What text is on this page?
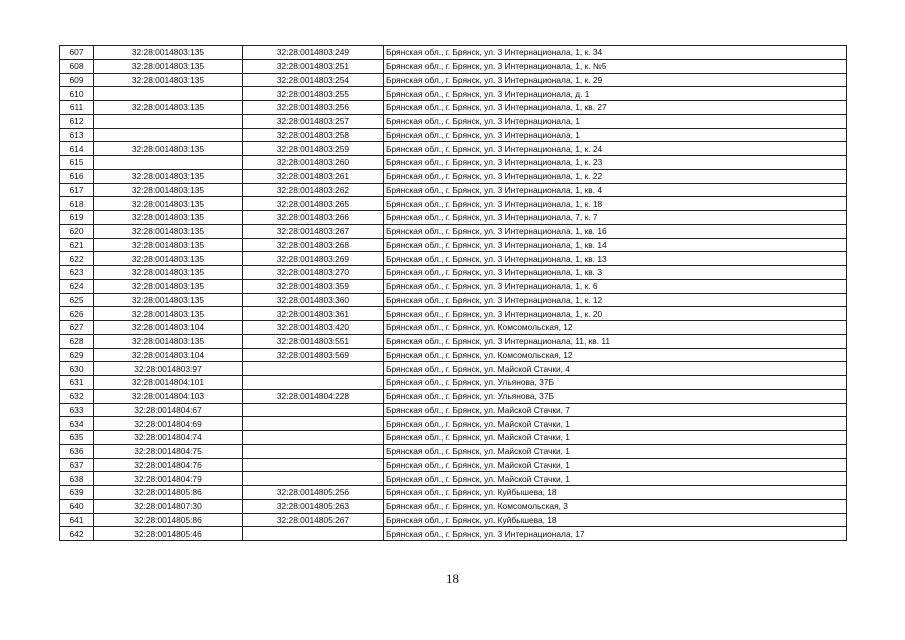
607	32:28:0014803:135	32:28:0014803:249	Брянская обл., г. Брянск, ул. 3 Интернационала, 1, к. 34
608	32:28:0014803:135	32:28:0014803:251	Брянская обл., г. Брянск, ул. 3 Интернационала, 1, к. №5
609	32:28:0014803:135	32:28:0014803:254	Брянская обл., г. Брянск, ул. 3 Интернационала, 1, к. 29
610		32:28:0014803:255	Брянская обл., г. Брянск, ул. 3 Интернационала, д. 1
611	32:28:0014803:135	32:28:0014803:256	Брянская обл., г. Брянск, ул. 3 Интернационала, 1, кв. 27
612		32:28:0014803:257	Брянская обл., г. Брянск, ул. 3 Интернационала, 1
613		32:28:0014803:258	Брянская обл., г. Брянск, ул. 3 Интернационала, 1
614	32:28:0014803:135	32:28:0014803:259	Брянская обл., г. Брянск, ул. 3 Интернационала, 1, к. 24
615		32:28:0014803:260	Брянская обл., г. Брянск, ул. 3 Интернационала, 1, к. 23
616	32:28:0014803:135	32:28:0014803:261	Брянская обл., г. Брянск, ул. 3 Интернационала, 1, к. 22
617	32:28:0014803:135	32:28:0014803:262	Брянская обл., г. Брянск, ул. 3 Интернационала, 1, кв. 4
618	32:28:0014803:135	32:28:0014803:265	Брянская обл., г. Брянск, ул. 3 Интернационала, 1, к. 18
619	32:28:0014803:135	32:28:0014803:266	Брянская обл., г. Брянск, ул. 3 Интернационала, 7, к. 7
620	32:28:0014803:135	32:28:0014803:267	Брянская обл., г. Брянск, ул. 3 Интернационала, 1, кв. 16
621	32:28:0014803:135	32:28:0014803:268	Брянская обл., г. Брянск, ул. 3 Интернационала, 1, кв. 14
622	32:28:0014803:135	32:28:0014803:269	Брянская обл., г. Брянск, ул. 3 Интернационала, 1, кв. 13
623	32:28:0014803:135	32:28:0014803:270	Брянская обл., г. Брянск, ул. 3 Интернационала, 1, кв. 3
624	32:28:0014803:135	32:28:0014803:359	Брянская обл., г. Брянск, ул. 3 Интернационала, 1, к. 6
625	32:28:0014803:135	32:28:0014803:360	Брянская обл., г. Брянск, ул. 3 Интернационала, 1, к. 12
626	32:28:0014803:135	32:28:0014803:361	Брянская обл., г. Брянск, ул. 3 Интернационала, 1, к. 20
627	32:28:0014803:104	32:28:0014803:420	Брянская обл., г. Брянск, ул. Комсомольская, 12
628	32:28:0014803:135	32:28:0014803:551	Брянская обл., г. Брянск, ул. 3 Интернационала, 11, кв. 11
629	32:28:0014803:104	32:28:0014803:569	Брянская обл., г. Брянск, ул. Комсомольская, 12
630	32:28:0014803:97		Брянская обл., г. Брянск, ул. Майской Стачки, 4
631	32:28:0014804:101		Брянская обл., г. Брянск, ул. Ульянова, 37Б
632	32:28:0014804:103	32:28:0014804:228	Брянская обл., г. Брянск, ул. Ульянова, 37Б
633	32:28:0014804:67		Брянская обл., г. Брянск, ул. Майской Стачки, 7
634	32:28:0014804:69		Брянская обл., г. Брянск, ул. Майской Стачки, 1
635	32:28:0014804:74		Брянская обл., г. Брянск, ул. Майской Стачки, 1
636	32:28:0014804:75		Брянская обл., г. Брянск, ул. Майской Стачки, 1
637	32:28:0014804:76		Брянская обл., г. Брянск, ул. Майской Стачки, 1
638	32:28:0014804:79		Брянская обл., г. Брянск, ул. Майской Стачки, 1
639	32:28:0014805:86	32:28:0014805:256	Брянская обл., г. Брянск, ул. Куйбышева, 18
640	32:28:0014807:30	32:28:0014805:263	Брянская обл., г. Брянск, ул. Комсомольская, 3
641	32:28:0014805:86	32:28:0014805:267	Брянская обл., г. Брянск, ул. Куйбышева, 18
642	32:28:0014805:46		Брянская обл., г. Брянск, ул. 3 Интернационала, 17
18
